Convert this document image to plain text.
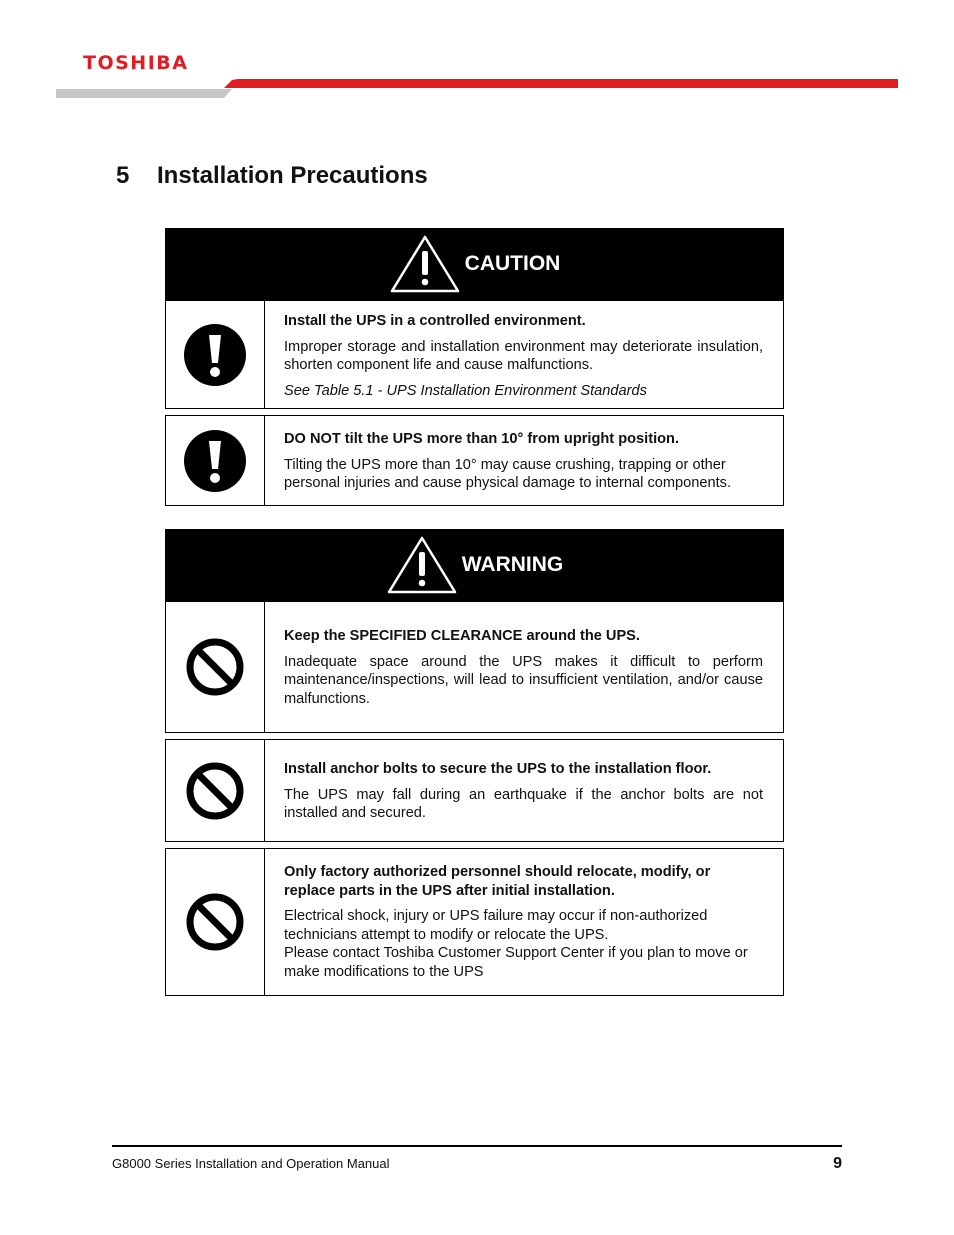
TOSHIBA
5 Installation Precautions
CAUTION

Install the UPS in a controlled environment.

Improper storage and installation environment may deteriorate insulation, shorten component life and cause malfunctions.

See Table 5.1 - UPS Installation Environment Standards

DO NOT tilt the UPS more than 10° from upright position.

Tilting the UPS more than 10° may cause crushing, trapping or other personal injuries and cause physical damage to internal components.

WARNING

Keep the SPECIFIED CLEARANCE around the UPS.

Inadequate space around the UPS makes it difficult to perform maintenance/inspections, will lead to insufficient ventilation, and/or cause malfunctions.

Install anchor bolts to secure the UPS to the installation floor.

The UPS may fall during an earthquake if the anchor bolts are not installed and secured.

Only factory authorized personnel should relocate, modify, or replace parts in the UPS after initial installation.

Electrical shock, injury or UPS failure may occur if non-authorized technicians attempt to modify or relocate the UPS.

Please contact Toshiba Customer Support Center if you plan to move or make modifications to the UPS

G8000 Series Installation and Operation Manual	9
